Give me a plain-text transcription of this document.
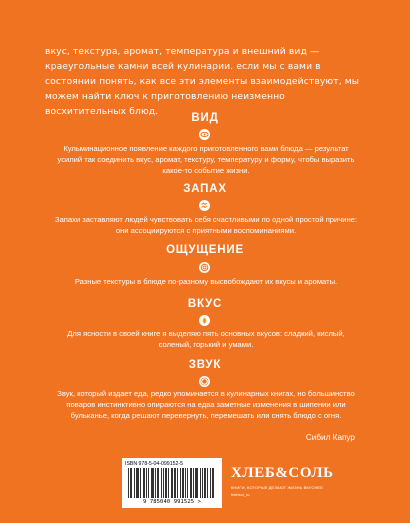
вкус, текстура, аромат, температура и внешний вид — краеугольные камни всей кулинарии. если мы с вами в состоянии понять, как все эти элементы взаимодействуют, мы можем найти ключ к приготовлению неизменно восхитительных блюд.
ВИД
Кульминационное появление каждого приготовленного вами блюда — результат усилий так соединить вкус, аромат, текстуру, температуру и форму, чтобы выразить какое-то событие жизни.
ЗАПАХ
Запахи заставляют людей чувствовать себя счастливыми по одной простой причине: они ассоциируются с приятными воспоминаниями.
ОЩУЩЕНИЕ
Разные текстуры в блюде по-разному высвобождают их вкусы и ароматы.
ВКУС
Для ясности в своей книге я выделяю пять основных вкусов: сладкий, кислый, соленый, горький и умами.
ЗВУК
Звук, который издает еда, редко упоминается в кулинарных книгах, но большинство поваров инстинктивно опираются на едва заметные изменения в шипении или бульканье, когда решают перевернуть, перемешать или снять блюдо с огня.
Сибил Капур
ISBN 978-5-04-099152-5
9 785040 991525 >
ХЛЕБ&СОЛЬ
КНИГИ, КОТОРЫЕ ДЕЛАЮТ ЖИЗНЬ ВКУСНЕЕ
hlebsol_ru
